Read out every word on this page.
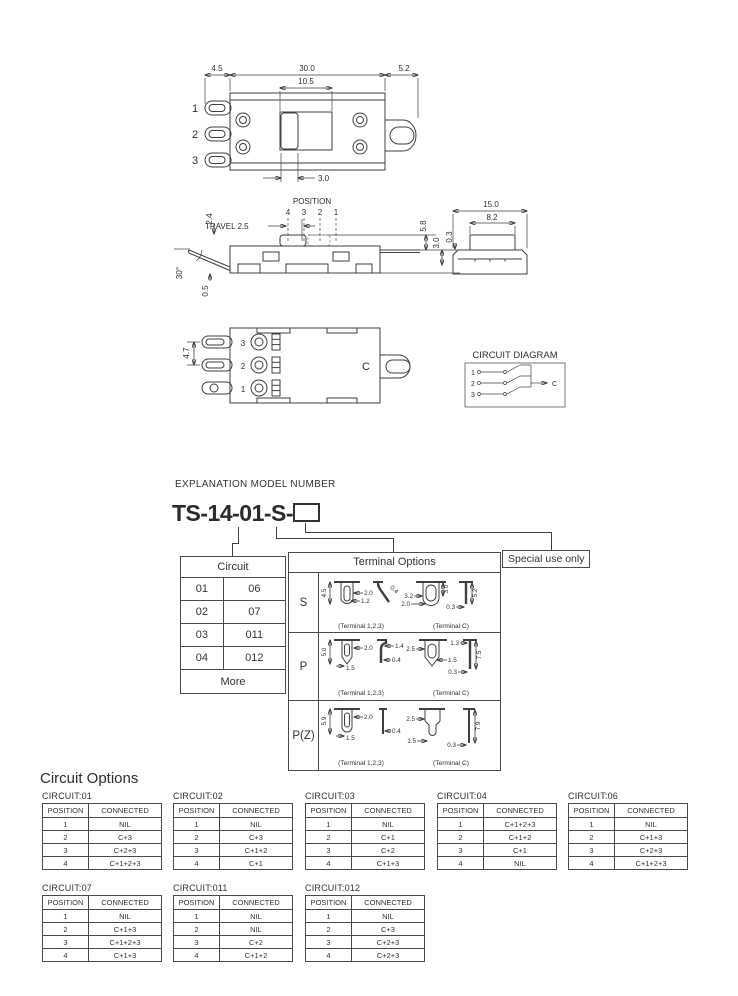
4.5	30.0	5.2
10.5
3.0
1
2
3
POSITION
4 3 2 1
TRAVEL 2.5
2.4
5.8
3.0
0.3
30°
0.5
15.0
8.2
4.7
3
2
1
C
CIRCUIT DIAGRAM
1
2
3
C
EXPLANATION MODEL NUMBER
TS-14-01-S-
Circuit	
01	06
02	07
03	011
04	012
More	
Terminal Options
S
4.5	2.0
1.2
0.4
3.2
2.0
3.0	5.2
0.3
(Terminal 1,2,3)	(Terminal C)
P
5.0	2.0
1.5
1.4
0.4
2.5
1.5
1.3
7.5
0.3
(Terminal 1,2,3)	(Terminal C)
P(Z)
5.9	2.0
1.5
0.4
2.5
1.5
7.9
0.3
(Terminal 1,2,3)	(Terminal C)
Special use only
Circuit Options
CIRCUIT:01
POSITION	CONNECTED
1	NIL
2	C+3
3	C+2+3
4	C+1+2+3
CIRCUIT:02
POSITION	CONNECTED
1	NIL
2	C+3
3	C+1+2
4	C+1
CIRCUIT:03
POSITION	CONNECTED
1	NIL
2	C+1
3	C+2
4	C+1+3
CIRCUIT:04
POSITION	CONNECTED
1	C+1+2+3
2	C+1+2
3	C+1
4	NIL
CIRCUIT:06
POSITION	CONNECTED
1	NIL
2	C+1+3
3	C+2+3
4	C+1+2+3
CIRCUIT:07
POSITION	CONNECTED
1	NIL
2	C+1+3
3	C+1+2+3
4	C+1+3
CIRCUIT:011
POSITION	CONNECTED
1	NIL
2	NIL
3	C+2
4	C+1+2
CIRCUIT:012
POSITION	CONNECTED
1	NIL
2	C+3
3	C+2+3
4	C+2+3
